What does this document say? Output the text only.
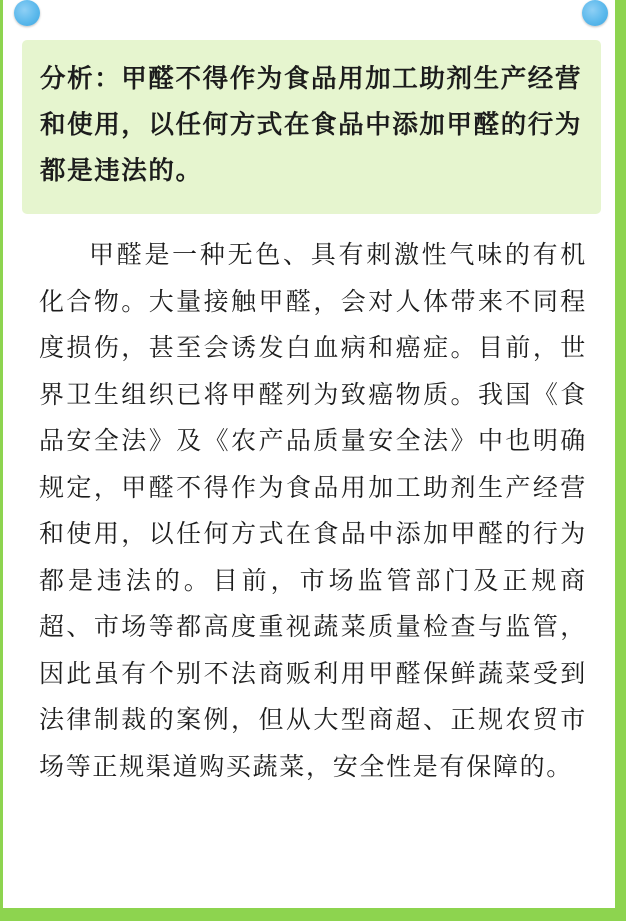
分析：甲醛不得作为食品用加工助剂生产经营和使用，以任何方式在食品中添加甲醛的行为都是违法的。

甲醛是一种无色、具有刺激性气味的有机化合物。大量接触甲醛，会对人体带来不同程度损伤，甚至会诱发白血病和癌症。目前，世界卫生组织已将甲醛列为致癌物质。我国《食品安全法》及《农产品质量安全法》中也明确规定，甲醛不得作为食品用加工助剂生产经营和使用，以任何方式在食品中添加甲醛的行为都是违法的。目前，市场监管部门及正规商超、市场等都高度重视蔬菜质量检查与监管，因此虽有个别不法商贩利用甲醛保鲜蔬菜受到法律制裁的案例，但从大型商超、正规农贸市场等正规渠道购买蔬菜，安全性是有保障的。
